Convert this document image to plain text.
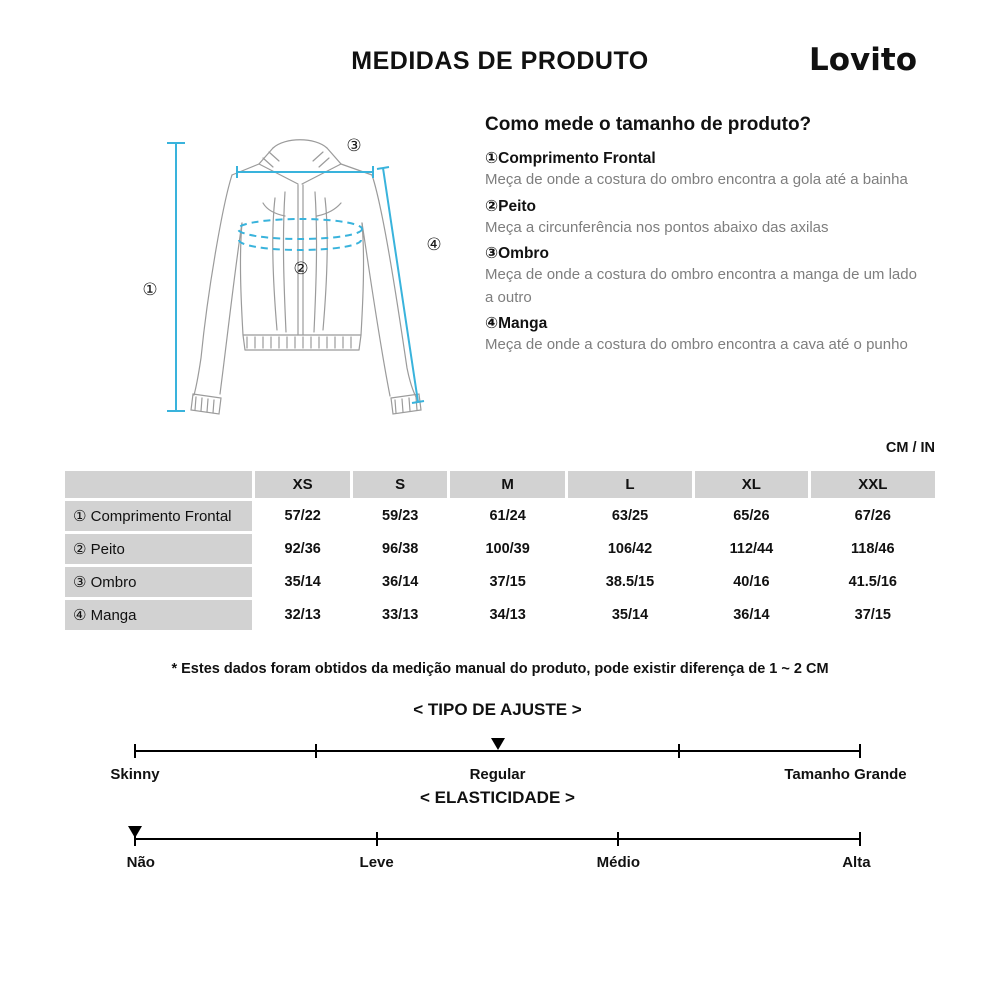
MEDIDAS DE PRODUTO	Lovito
①
③
④
②
Como mede o tamanho de produto?
①Comprimento Frontal
Meça de onde a costura do ombro encontra a gola até a bainha
②Peito
Meça a circunferência nos pontos abaixo das axilas
③Ombro
Meça de onde a costura do ombro encontra a manga de um lado a outro
④Manga
Meça de onde a costura do ombro encontra a cava até o punho
CM / IN
	XS	S	M	L	XL	XXL
① Comprimento Frontal	57/22	59/23	61/24	63/25	65/26	67/26
② Peito	92/36	96/38	100/39	106/42	112/44	118/46
③ Ombro	35/14	36/14	37/15	38.5/15	40/16	41.5/16
④ Manga	32/13	33/13	34/13	35/14	36/14	37/15
* Estes dados foram obtidos da medição manual do produto, pode existir diferença de 1 ~ 2 CM
< TIPO DE AJUSTE >
Skinny	Regular	Tamanho Grande
< ELASTICIDADE >
Não	Leve	Médio	Alta
